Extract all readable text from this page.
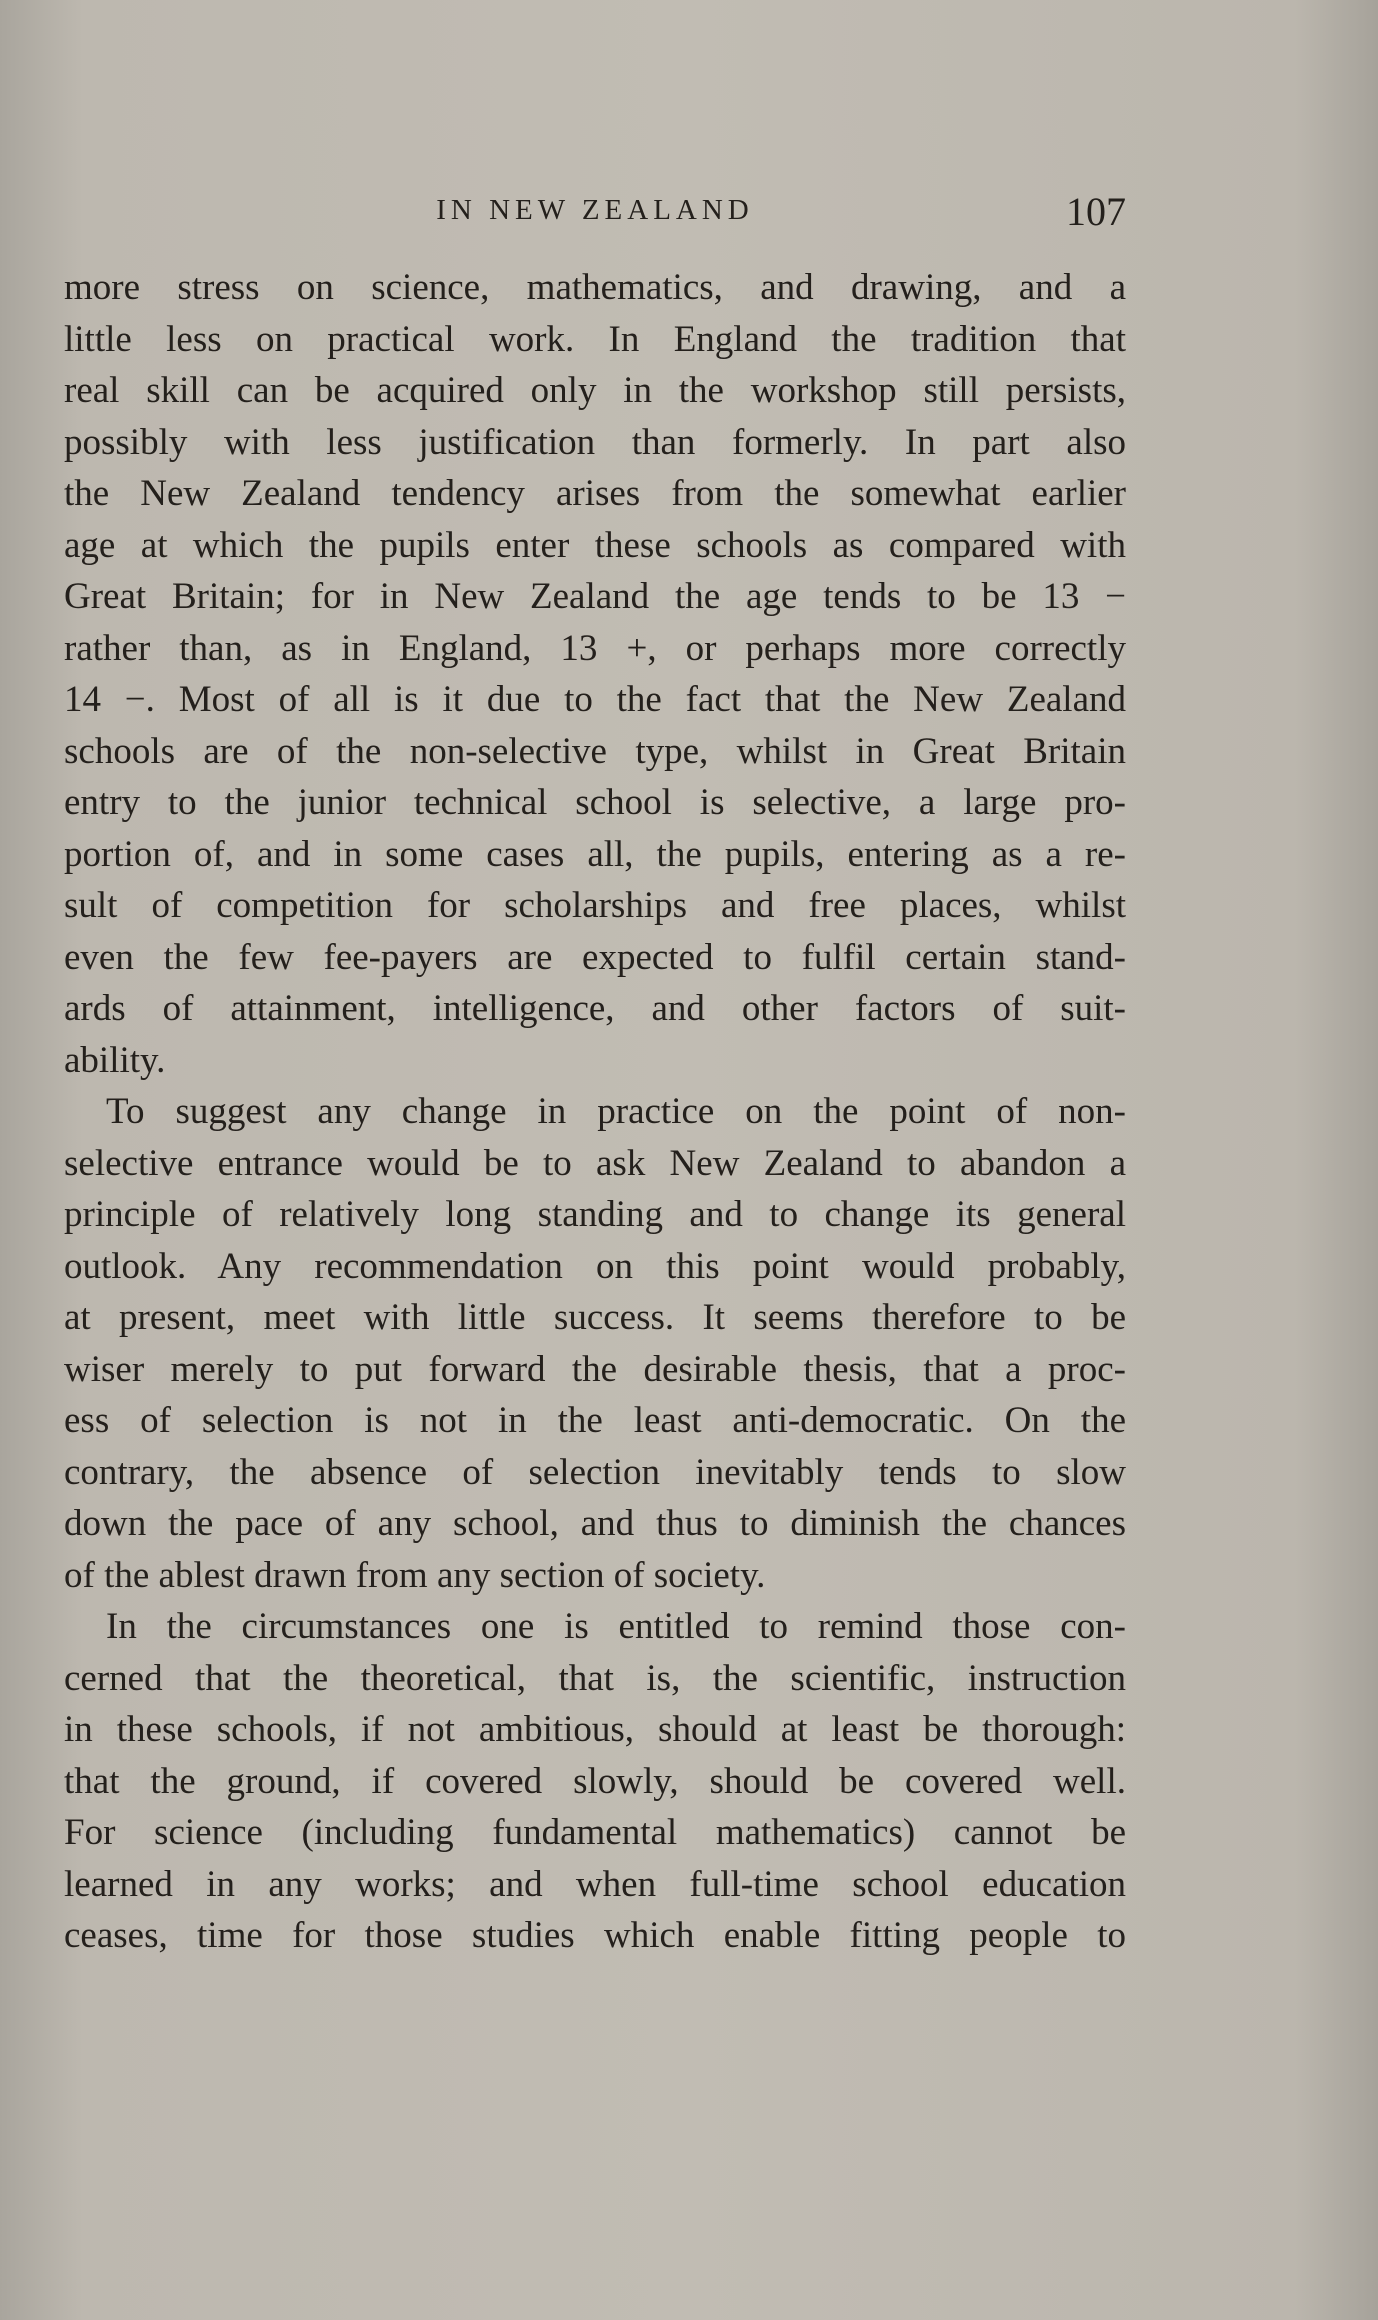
IN NEW ZEALAND	107
more stress on science, mathematics, and drawing, and a
little less on practical work. In England the tradition that
real skill can be acquired only in the workshop still persists,
possibly with less justification than formerly. In part also
the New Zealand tendency arises from the somewhat earlier
age at which the pupils enter these schools as compared with
Great Britain; for in New Zealand the age tends to be 13 −
rather than, as in England, 13 +, or perhaps more correctly
14 −. Most of all is it due to the fact that the New Zealand
schools are of the non-selective type, whilst in Great Britain
entry to the junior technical school is selective, a large pro-
portion of, and in some cases all, the pupils, entering as a re-
sult of competition for scholarships and free places, whilst
even the few fee-payers are expected to fulfil certain stand-
ards of attainment, intelligence, and other factors of suit-
ability.
To suggest any change in practice on the point of non-
selective entrance would be to ask New Zealand to abandon a
principle of relatively long standing and to change its general
outlook. Any recommendation on this point would probably,
at present, meet with little success. It seems therefore to be
wiser merely to put forward the desirable thesis, that a proc-
ess of selection is not in the least anti-democratic. On the
contrary, the absence of selection inevitably tends to slow
down the pace of any school, and thus to diminish the chances
of the ablest drawn from any section of society.
In the circumstances one is entitled to remind those con-
cerned that the theoretical, that is, the scientific, instruction
in these schools, if not ambitious, should at least be thorough:
that the ground, if covered slowly, should be covered well.
For science (including fundamental mathematics) cannot be
learned in any works; and when full-time school education
ceases, time for those studies which enable fitting people to
